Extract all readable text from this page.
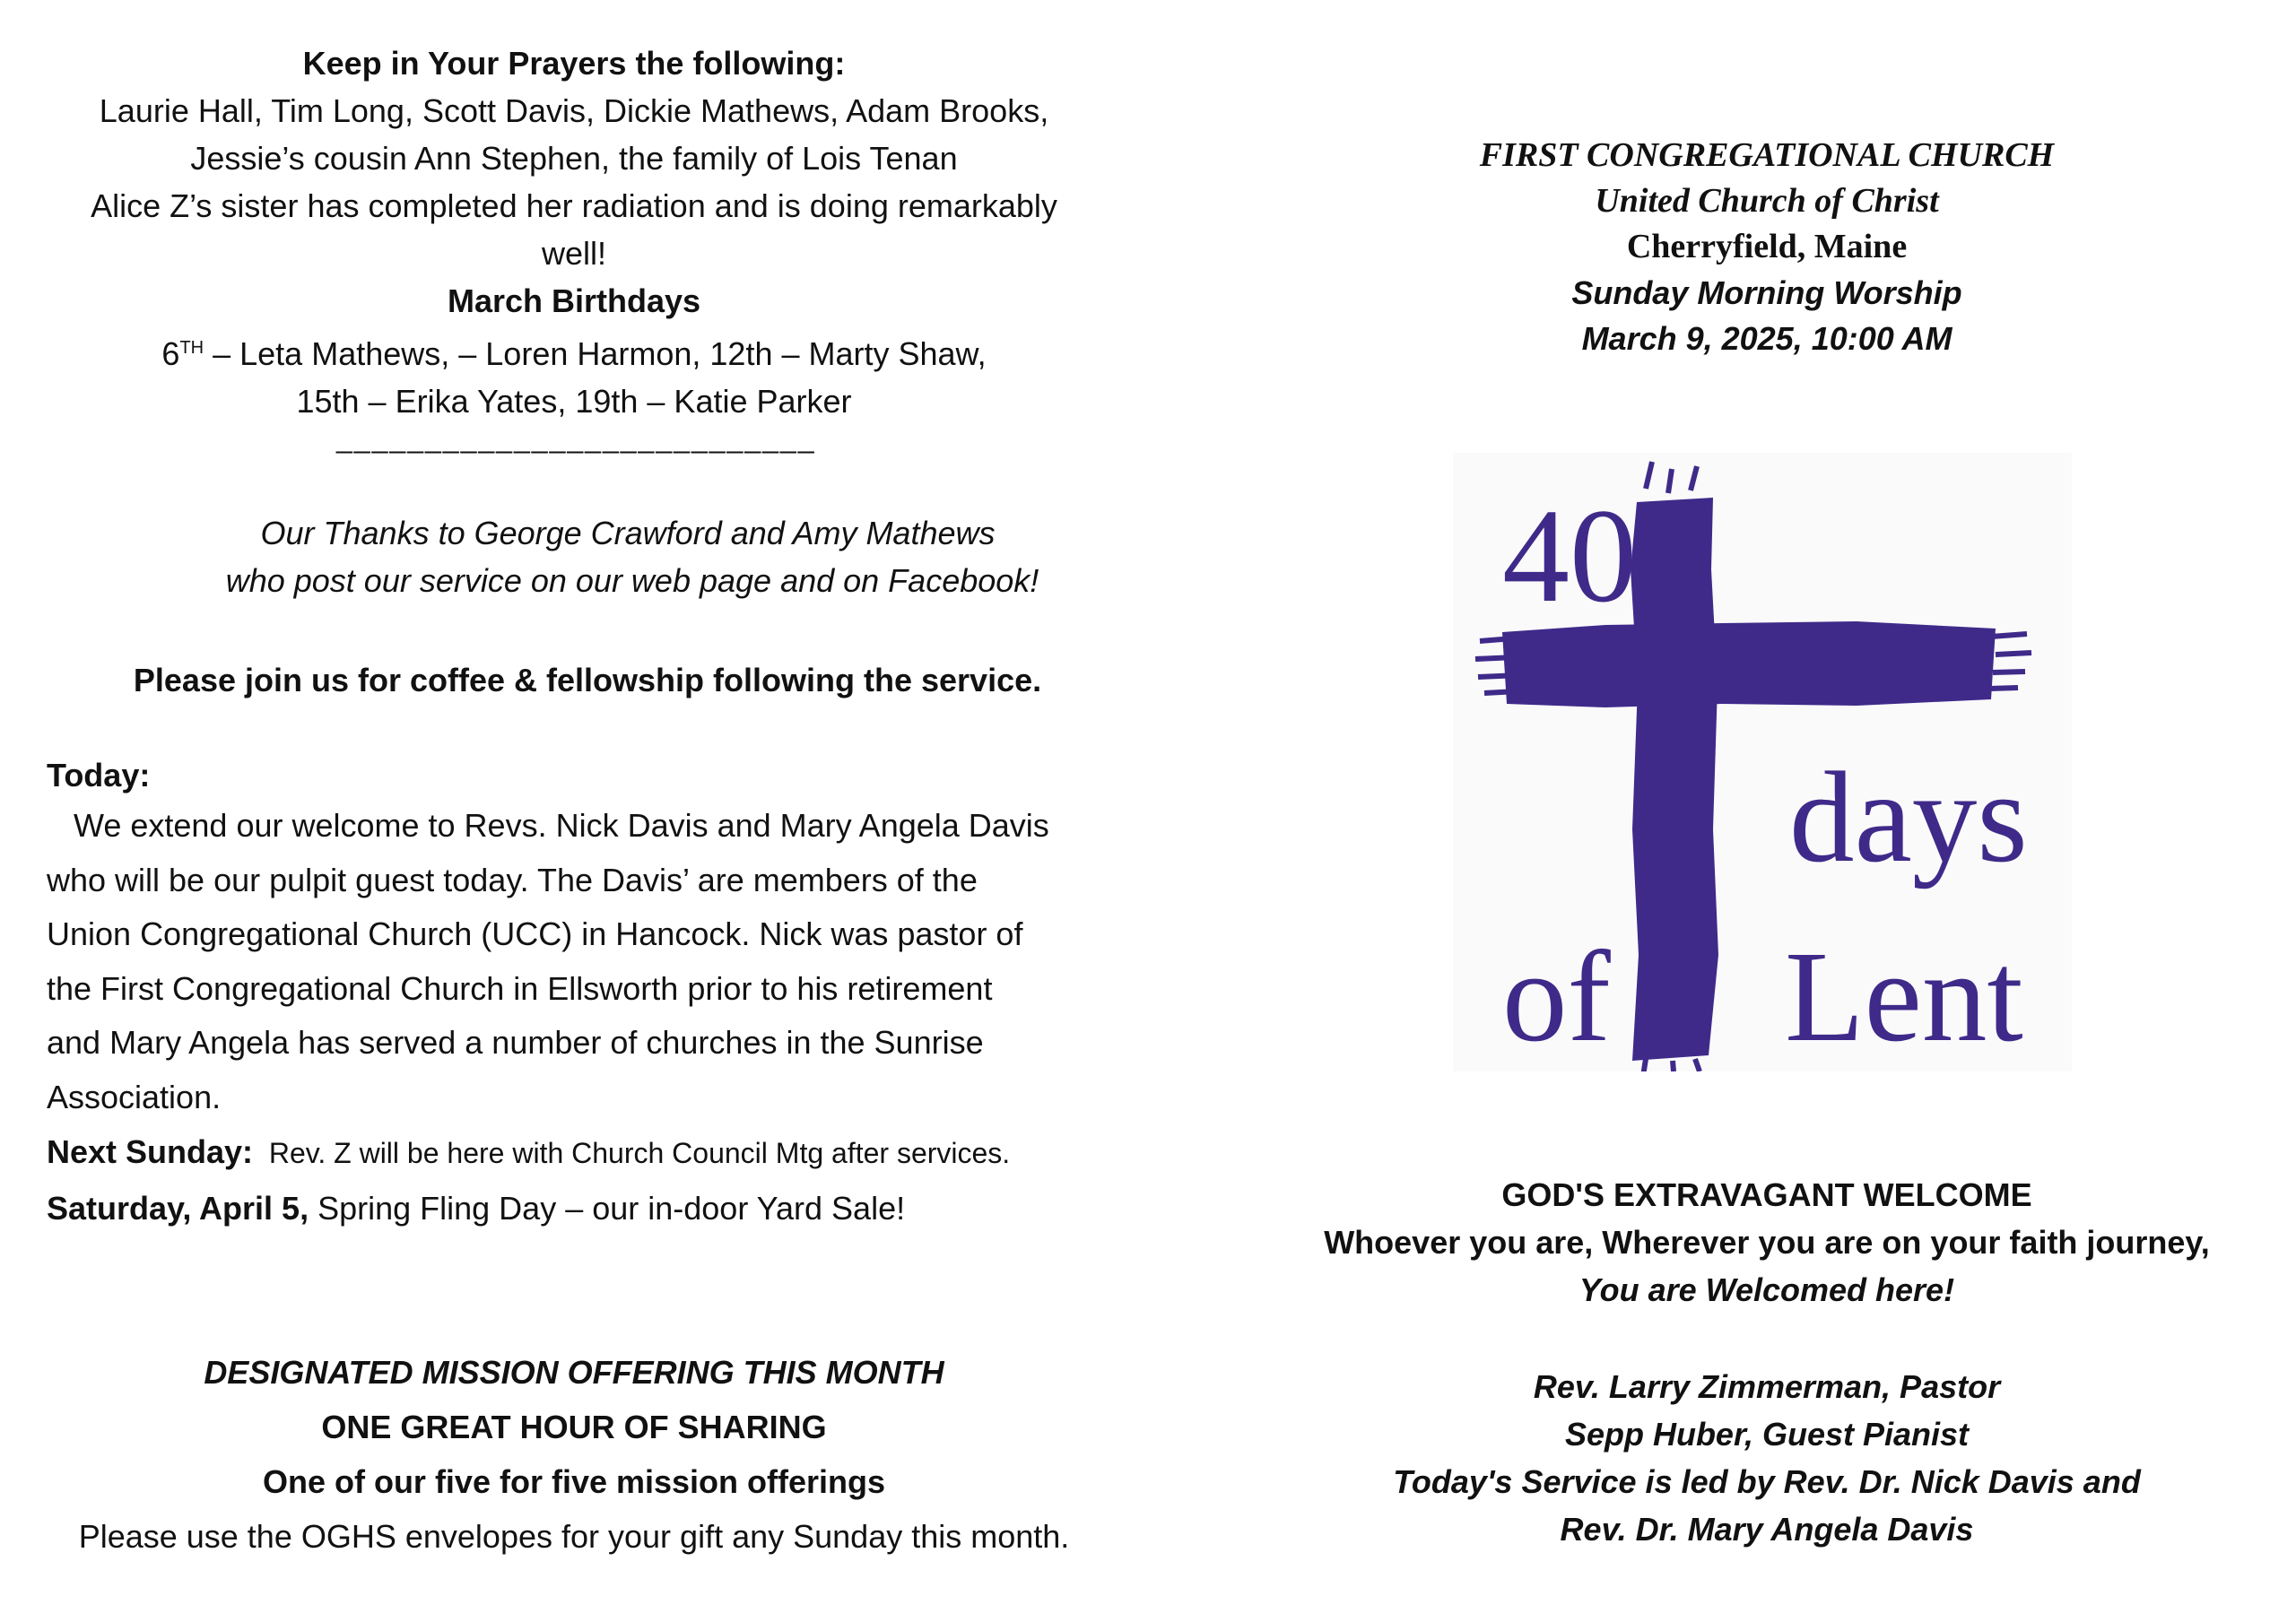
Keep in Your Prayers the following:
Laurie Hall, Tim Long, Scott Davis, Dickie Mathews, Adam Brooks,
Jessie’s cousin Ann Stephen, the family of Lois Tenan
Alice Z’s sister has completed her radiation and is doing remarkably
well!
March Birthdays
6TH – Leta Mathews, – Loren Harmon, 12th – Marty Shaw,
15th – Erika Yates, 19th – Katie Parker
___________________________
Our Thanks to George Crawford and Amy Mathews
who post our service on our web page and on Facebook!
Please join us for coffee & fellowship following the service.
Today:
We extend our welcome to Revs. Nick Davis and Mary Angela Davis
who will be our pulpit guest today. The Davis’ are members of the
Union Congregational Church (UCC) in Hancock. Nick was pastor of
the First Congregational Church in Ellsworth prior to his retirement
and Mary Angela has served a number of churches in the Sunrise
Association.
Next Sunday:  Rev. Z will be here with Church Council Mtg after services.
Saturday, April 5, Spring Fling Day – our in-door Yard Sale!
DESIGNATED MISSION OFFERING THIS MONTH
ONE GREAT HOUR OF SHARING
One of our five for five mission offerings
Please use the OGHS envelopes for your gift any Sunday this month.
FIRST CONGREGATIONAL CHURCH
United Church of Christ
Cherryfield, Maine
Sunday Morning Worship
March 9, 2025, 10:00 AM
40
days
of Lent
GOD'S EXTRAVAGANT WELCOME
Whoever you are, Wherever you are on your faith journey,
You are Welcomed here!
Rev. Larry Zimmerman, Pastor
Sepp Huber, Guest Pianist
Today's Service is led by Rev. Dr. Nick Davis and
Rev. Dr. Mary Angela Davis
